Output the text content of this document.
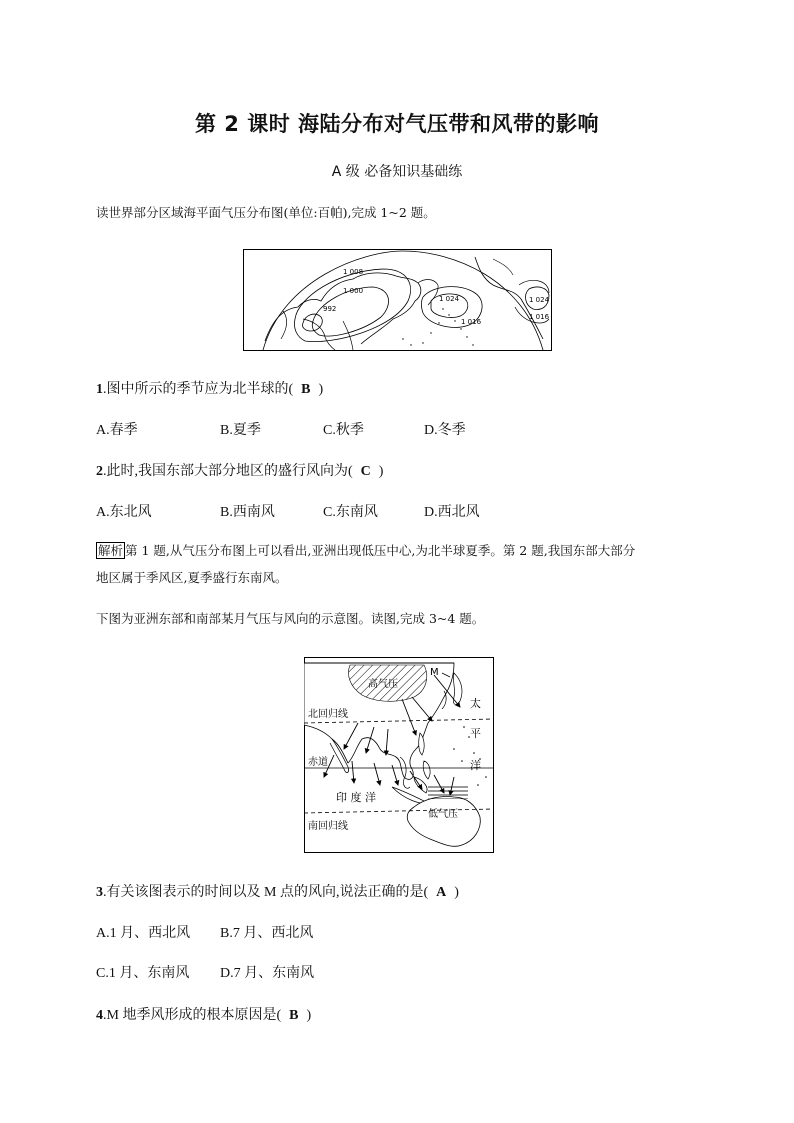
第 2 课时 海陆分布对气压带和风带的影响
A 级 必备知识基础练
读世界部分区域海平面气压分布图(单位:百帕),完成 1~2 题。
1 008
1 000
992
1 024
1 016
1 024
1 016
1.图中所示的季节应为北半球的( B )
A.春季	B.夏季	C.秋季	D.冬季
2.此时,我国东部大部分地区的盛行风向为( C )
A.东北风	B.西南风	C.东南风	D.西北风
解析 第 1 题,从气压分布图上可以看出,亚洲出现低压中心,为北半球夏季。第 2 题,我国东部大部分
地区属于季风区,夏季盛行东南风。
下图为亚洲东部和南部某月气压与风向的示意图。读图,完成 3~4 题。
高气压
M
北回归线
赤道
印 度 洋
低气压
南回归线
太
平
洋
3.有关该图表示的时间以及 M 点的风向,说法正确的是( A )
A.1 月、西北风 B.7 月、西北风
C.1 月、东南风 D.7 月、东南风
4.M 地季风形成的根本原因是( B )
